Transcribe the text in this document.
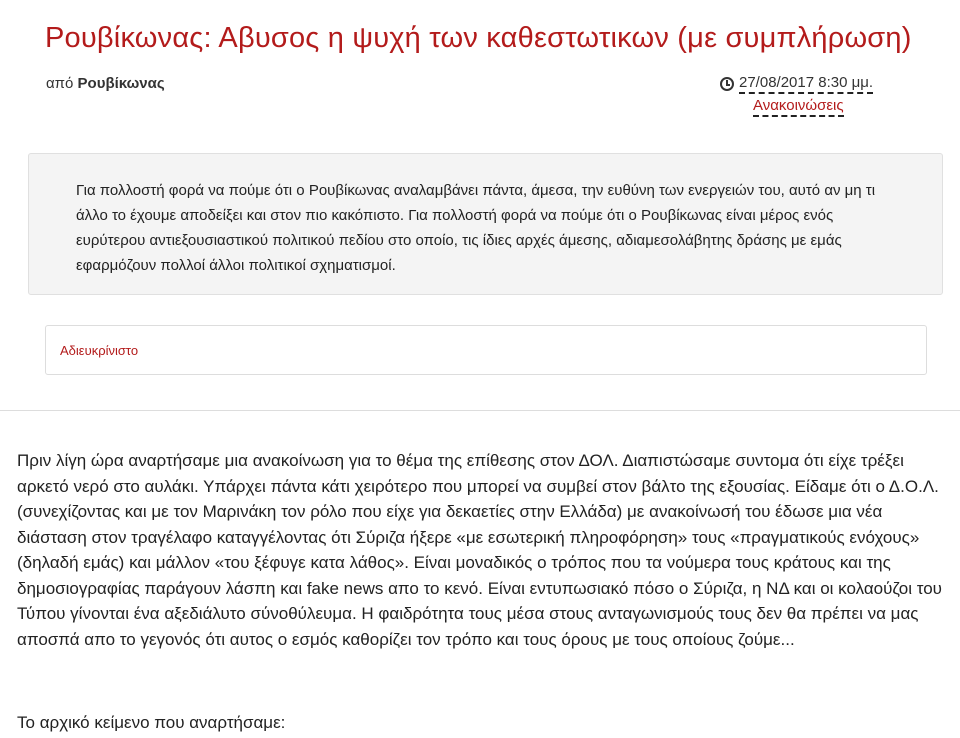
Ρουβίκωνας: Αβυσος η ψυχή των καθεστωτικων (με συμπλήρωση)
από Ρουβίκωνας	27/08/2017 8:30 μμ.
Ανακοινώσεις
Για πολλοστή φορά να πούμε ότι ο Ρουβίκωνας αναλαμβάνει πάντα, άμεσα, την ευθύνη των ενεργειών του, αυτό αν μη τι άλλο το έχουμε αποδείξει και στον πιο κακόπιστο. Για πολλοστή φορά να πούμε ότι ο Ρουβίκωνας είναι μέρος ενός ευρύτερου αντιεξουσιαστικού πολιτικού πεδίου στο οποίο, τις ίδιες αρχές άμεσης, αδιαμεσολάβητης δράσης με εμάς εφαρμόζουν πολλοί άλλοι πολιτικοί σχηματισμοί.
Αδιευκρίνιστο

Πριν λίγη ώρα αναρτήσαμε μια ανακοίνωση για το θέμα της επίθεσης στον ΔΟΛ. Διαπιστώσαμε συντομα ότι είχε τρέξει αρκετό νερό στο αυλάκι. Υπάρχει πάντα κάτι χειρότερο που μπορεί να συμβεί στον βάλτο της εξουσίας. Είδαμε ότι ο Δ.Ο.Λ. (συνεχίζοντας και με τον Μαρινάκη τον ρόλο που είχε για δεκαετίες στην Ελλάδα) με ανακοίνωσή του έδωσε μια νέα διάσταση στον τραγέλαφο καταγγέλοντας ότι Σύριζα ήξερε «με εσωτερική πληροφόρηση» τους «πραγματικούς ενόχους» (δηλαδή εμάς) και μάλλον «του ξέφυγε κατα λάθος». Είναι μοναδικός ο τρόπος που τα νούμερα τους κράτους και της δημοσιογραφίας παράγουν λάσπη και fake news απο το κενό. Είναι εντυπωσιακό πόσο ο Σύριζα, η ΝΔ και οι κολαούζοι του Τύπου γίνονται ένα αξεδιάλυτο σύνοθύλευμα. Η φαιδρότητα τους μέσα στους ανταγωνισμούς τους δεν θα πρέπει να μας αποσπά απο το γεγονός ότι αυτος ο εσμός καθορίζει τον τρόπο και τους όρους με τους οποίους ζούμε...

Το αρχικό κείμενο που αναρτήσαμε:
